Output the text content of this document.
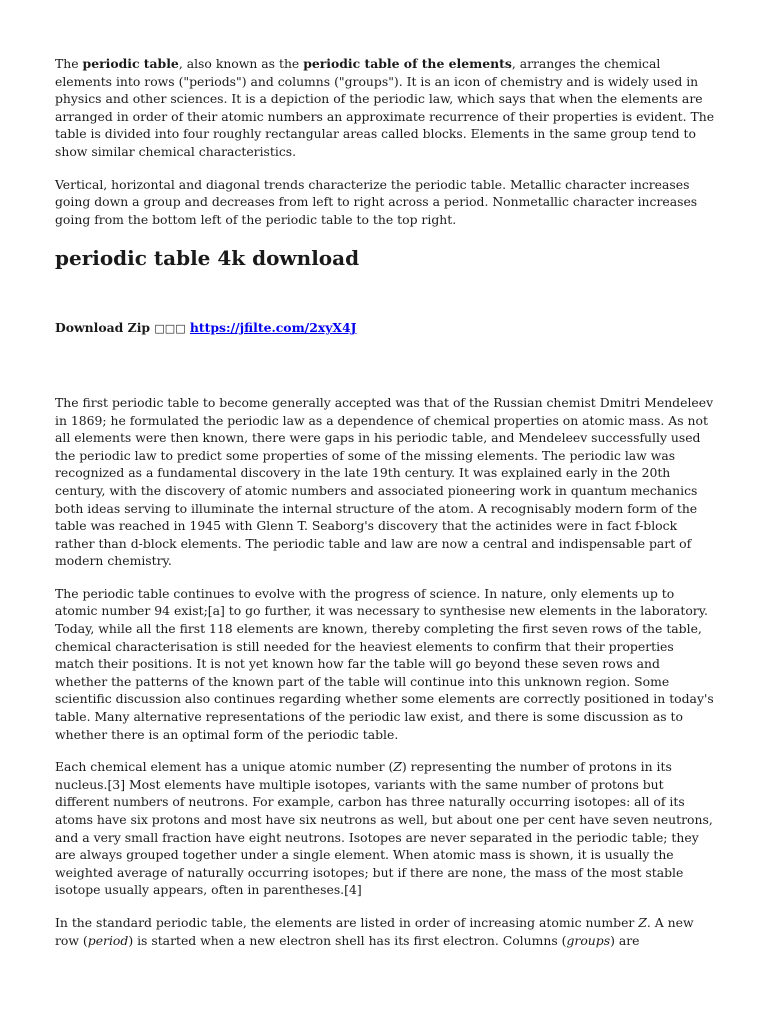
The periodic table, also known as the periodic table of the elements, arranges the chemical elements into rows ("periods") and columns ("groups"). It is an icon of chemistry and is widely used in physics and other sciences. It is a depiction of the periodic law, which says that when the elements are arranged in order of their atomic numbers an approximate recurrence of their properties is evident. The table is divided into four roughly rectangular areas called blocks. Elements in the same group tend to show similar chemical characteristics.

Vertical, horizontal and diagonal trends characterize the periodic table. Metallic character increases going down a group and decreases from left to right across a period. Nonmetallic character increases going from the bottom left of the periodic table to the top right.

periodic table 4k download
Download Zip □□□ https://jfilte.com/2xyX4J

The first periodic table to become generally accepted was that of the Russian chemist Dmitri Mendeleev in 1869; he formulated the periodic law as a dependence of chemical properties on atomic mass. As not all elements were then known, there were gaps in his periodic table, and Mendeleev successfully used the periodic law to predict some properties of some of the missing elements. The periodic law was recognized as a fundamental discovery in the late 19th century. It was explained early in the 20th century, with the discovery of atomic numbers and associated pioneering work in quantum mechanics both ideas serving to illuminate the internal structure of the atom. A recognisably modern form of the table was reached in 1945 with Glenn T. Seaborg's discovery that the actinides were in fact f-block rather than d-block elements. The periodic table and law are now a central and indispensable part of modern chemistry.

The periodic table continues to evolve with the progress of science. In nature, only elements up to atomic number 94 exist;[a] to go further, it was necessary to synthesise new elements in the laboratory. Today, while all the first 118 elements are known, thereby completing the first seven rows of the table, chemical characterisation is still needed for the heaviest elements to confirm that their properties match their positions. It is not yet known how far the table will go beyond these seven rows and whether the patterns of the known part of the table will continue into this unknown region. Some scientific discussion also continues regarding whether some elements are correctly positioned in today's table. Many alternative representations of the periodic law exist, and there is some discussion as to whether there is an optimal form of the periodic table.

Each chemical element has a unique atomic number (Z) representing the number of protons in its nucleus.[3] Most elements have multiple isotopes, variants with the same number of protons but different numbers of neutrons. For example, carbon has three naturally occurring isotopes: all of its atoms have six protons and most have six neutrons as well, but about one per cent have seven neutrons, and a very small fraction have eight neutrons. Isotopes are never separated in the periodic table; they are always grouped together under a single element. When atomic mass is shown, it is usually the weighted average of naturally occurring isotopes; but if there are none, the mass of the most stable isotope usually appears, often in parentheses.[4]

In the standard periodic table, the elements are listed in order of increasing atomic number Z. A new row (period) is started when a new electron shell has its first electron. Columns (groups) are
